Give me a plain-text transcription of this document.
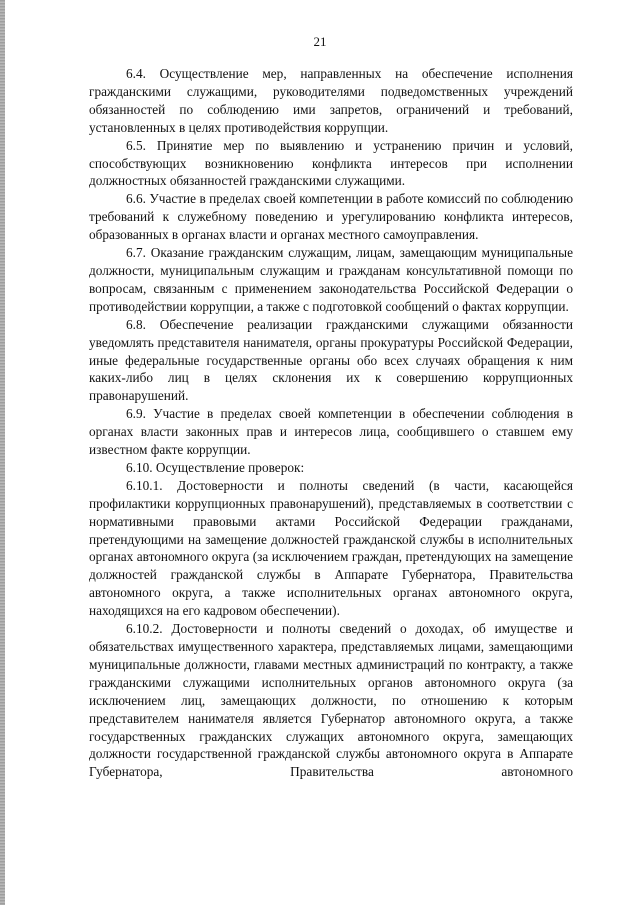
21

6.4. Осуществление мер, направленных на обеспечение исполнения гражданскими служащими, руководителями подведомственных учреждений обязанностей по соблюдению ими запретов, ограничений и требований, установленных в целях противодействия коррупции.

6.5. Принятие мер по выявлению и устранению причин и условий, способствующих возникновению конфликта интересов при исполнении должностных обязанностей гражданскими служащими.

6.6. Участие в пределах своей компетенции в работе комиссий по соблюдению требований к служебному поведению и урегулированию конфликта интересов, образованных в органах власти и органах местного самоуправления.

6.7. Оказание гражданским служащим, лицам, замещающим муниципальные должности, муниципальным служащим и гражданам консультативной помощи по вопросам, связанным с применением законодательства Российской Федерации о противодействии коррупции, а также с подготовкой сообщений о фактах коррупции.

6.8. Обеспечение реализации гражданскими служащими обязанности уведомлять представителя нанимателя, органы прокуратуры Российской Федерации, иные федеральные государственные органы обо всех случаях обращения к ним каких-либо лиц в целях склонения их к совершению коррупционных правонарушений.

6.9. Участие в пределах своей компетенции в обеспечении соблюдения в органах власти законных прав и интересов лица, сообщившего о ставшем ему известном факте коррупции.

6.10. Осуществление проверок:

6.10.1. Достоверности и полноты сведений (в части, касающейся профилактики коррупционных правонарушений), представляемых в соответствии с нормативными правовыми актами Российской Федерации гражданами, претендующими на замещение должностей гражданской службы в исполнительных органах автономного округа (за исключением граждан, претендующих на замещение должностей гражданской службы в Аппарате Губернатора, Правительства автономного округа, а также исполнительных органах автономного округа, находящихся на его кадровом обеспечении).

6.10.2. Достоверности и полноты сведений о доходах, об имуществе и обязательствах имущественного характера, представляемых лицами, замещающими муниципальные должности, главами местных администраций по контракту, а также гражданскими служащими исполнительных органов автономного округа (за исключением лиц, замещающих должности, по отношению к которым представителем нанимателя является Губернатор автономного округа, а также государственных гражданских служащих автономного округа, замещающих должности государственной гражданской службы автономного округа в Аппарате Губернатора, Правительства автономного
